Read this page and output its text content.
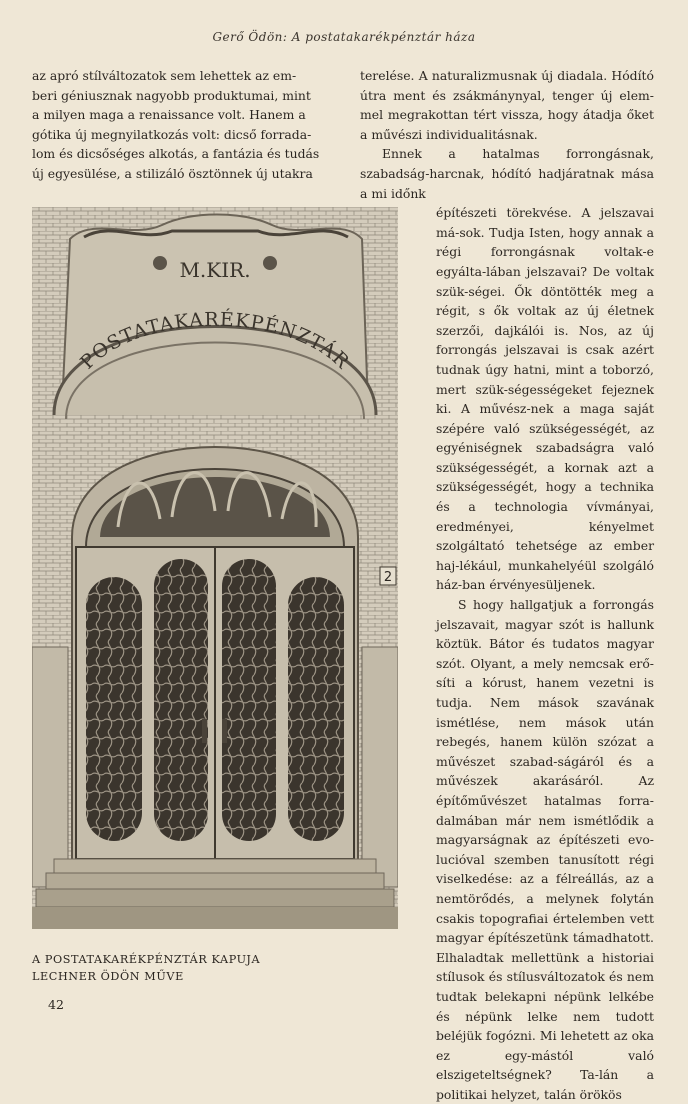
Gerő Ödön: A postatakarékpénztár háza

az apró stílváltozatok sem lehettek az em-

beri géniusznak nagyobb produktumai, mint

a milyen maga a renaissance volt. Hanem a

gótika új megnyilatkozás volt: dicső forrada-

lom és dicsőséges alkotás, a fantázia és tudás

új egyesülése, a stilizáló ösztönnek új utakra

terelése. A naturalizmusnak új diadala. Hódító útra ment és zsákmánynyal, tenger új elem-mel megrakottan tért vissza, hogy átadja őket a művészi individualitásnak.

Ennek a hatalmas forrongásnak, szabadság-harcnak, hódító hadjáratnak mása a mi időnk

építészeti törekvése. A jelszavai má-sok. Tudja Isten, hogy annak a régi forrongásnak voltak-e egyálta-lában jelszavai? De voltak szük-ségei. Ők döntötték meg a régit, s ők voltak az új életnek szerzői, dajkálói is. Nos, az új forrongás jelszavai is csak azért tudnak úgy hatni, mint a toborzó, mert szük-ségességeket fejeznek ki. A művész-nek a maga saját szépére való szükségességét, az egyéniségnek szabadságra való szükségességét, a kornak azt a szükségességét, hogy a technika és a technologia vívmányai, eredményei, kényelmet szolgáltató tehetsége az ember haj-lékául, munkahelyéül szolgáló ház-ban érvényesüljenek.

S hogy hallgatjuk a forrongás jelszavait, magyar szót is hallunk köztük. Bátor és tudatos magyar szót. Olyant, a mely nemcsak erő-síti a kórust, hanem vezetni is tudja. Nem mások szavának ismétlése, nem mások után rebegés, hanem külön szózat a művészet szabad-ságáról és a művészek akarásáról. Az építőművészet hatalmas forra-dalmában már nem ismétlődik a magyarságnak az építészeti evo-lucióval szemben tanusított régi viselkedése: az a félreállás, az a nemtörődés, a melynek folytán csakis topografiai értelemben vett magyar építészetünk támadhatott. Elhaladtak mellettünk a historiai stílusok és stílusváltozatok és nem tudtak belekapni népünk lelkébe és népünk lelke nem tudott beléjük fogózni. Mi lehetett az oka ez egy-mástól való elszigeteltségnek? Ta-lán a politikai helyzet, talán örökös

M.KIR.
POSTATAKARÉKPÉNZTÁR
2
A POSTATAKARÉKPÉNZTÁR KAPUJA
LECHNER ÖDÖN MŰVE
42
